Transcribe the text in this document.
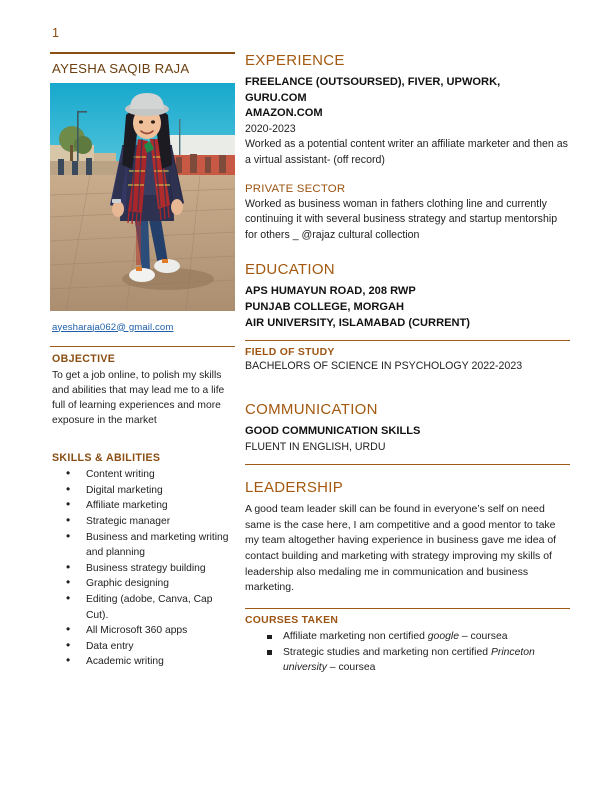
1
AYESHA SAQIB RAJA
ayesharaja062@ gmail.com
OBJECTIVE

To get a job online, to polish my skills and abilities that may lead me to a life full of learning experiences and more exposure in the market

SKILLS & ABILITIES
• Content writing
• Digital marketing
• Affiliate marketing
• Strategic manager
• Business and marketing writing and planning
• Business strategy building
• Graphic designing
• Editing (adobe, Canva, Cap Cut).
• All Microsoft 360 apps
• Data entry
• Academic writing
EXPERIENCE

FREELANCE (OUTSOURSED), FIVER, UPWORK,

GURU.COM

AMAZON.COM

2020-2023

Worked as a potential content writer an affiliate marketer and then as a virtual assistant- (off record)

PRIVATE SECTOR

Worked as business woman in fathers clothing line and currently continuing it with several business strategy and startup mentorship for others _ @rajaz cultural collection

EDUCATION

APS HUMAYUN ROAD, 208 RWP

PUNJAB COLLEGE, MORGAH

AIR UNIVERSITY, ISLAMABAD (CURRENT)

FIELD OF STUDY

BACHELORS OF SCIENCE IN PSYCHOLOGY 2022-2023

COMMUNICATION

GOOD COMMUNICATION SKILLS

FLUENT IN ENGLISH, URDU

LEADERSHIP

A good team leader skill can be found in everyone’s self on need same is the case here, I am competitive and a good mentor to take my team altogether having experience in business gave me idea of contact building and marketing with strategy improving my skills of leadership also medaling me in communication and business marketing.

COURSES TAKEN
Affiliate marketing non certified google – coursea
Strategic studies and marketing non certified Princeton university – coursea
